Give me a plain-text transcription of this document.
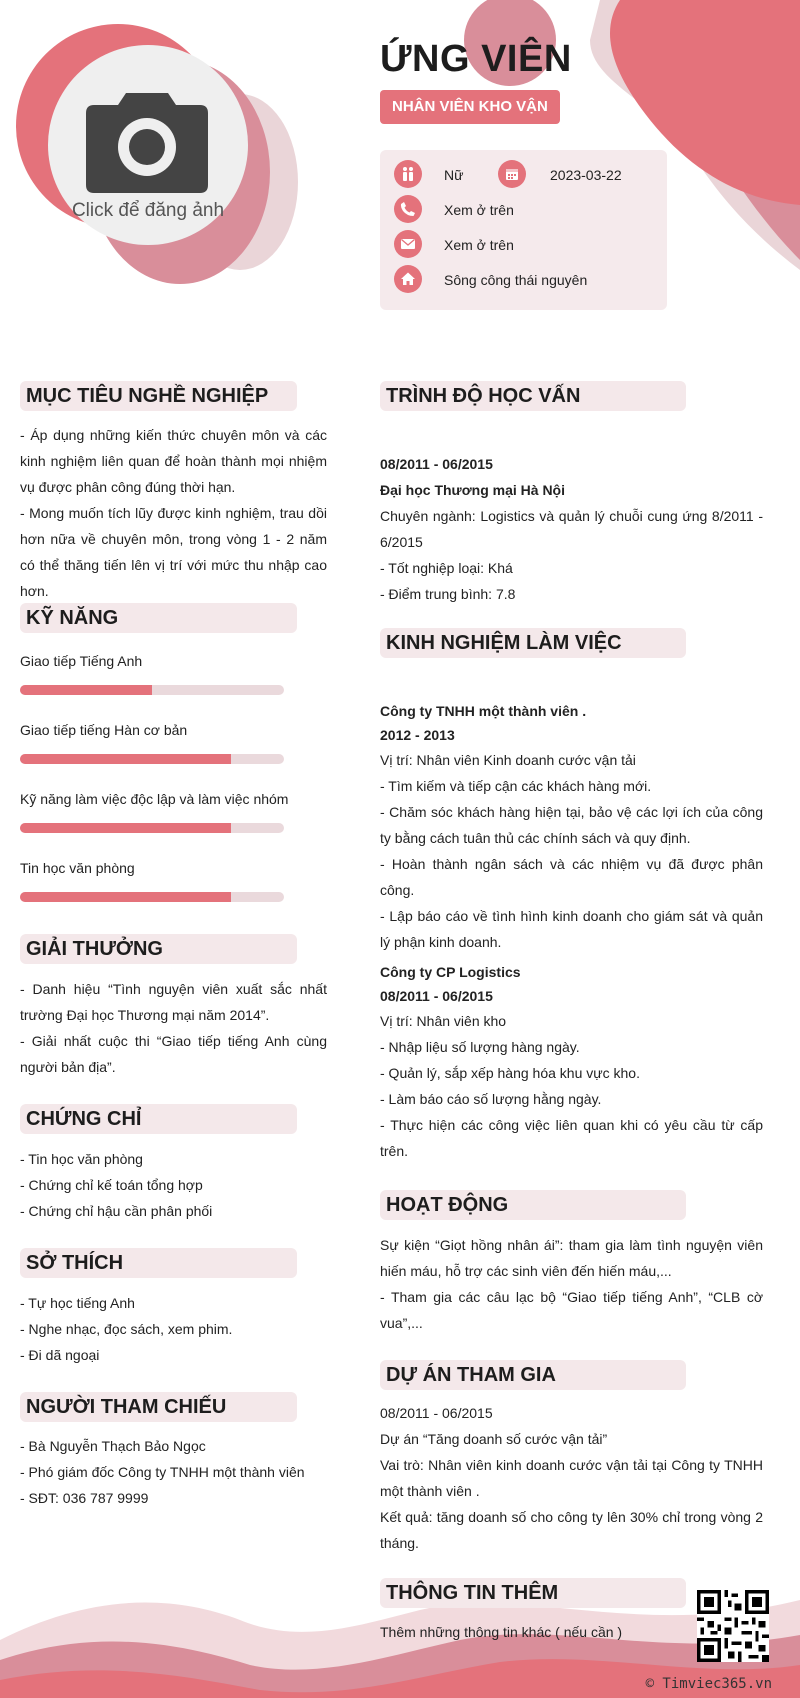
Click để đăng ảnh
ỨNG VIÊN
NHÂN VIÊN KHO VẬN
Nữ	2023-03-22
Xem ở trên
Xem ở trên
Sông công thái nguyên
MỤC TIÊU NGHỀ NGHIỆP
- Áp dụng những kiến thức chuyên môn và các kinh nghiệm liên quan để hoàn thành mọi nhiệm vụ được phân công đúng thời hạn.
- Mong muốn tích lũy được kinh nghiệm, trau dồi hơn nữa về chuyên môn, trong vòng 1 - 2 năm có thể thăng tiến lên vị trí với mức thu nhập cao hơn.
KỸ NĂNG
Giao tiếp Tiếng Anh
Giao tiếp tiếng Hàn cơ bản
Kỹ năng làm việc độc lập và làm việc nhóm
Tin học văn phòng
GIẢI THƯỞNG
- Danh hiệu “Tình nguyện viên xuất sắc nhất trường Đại học Thương mại năm 2014”.
- Giải nhất cuộc thi “Giao tiếp tiếng Anh cùng người bản địa”.
CHỨNG CHỈ
- Tin học văn phòng
- Chứng chỉ kế toán tổng hợp
- Chứng chỉ hậu cần phân phối
SỞ THÍCH
- Tự học tiếng Anh
- Nghe nhạc, đọc sách, xem phim.
- Đi dã ngoại
NGƯỜI THAM CHIẾU
- Bà Nguyễn Thạch Bảo Ngọc
- Phó giám đốc Công ty TNHH một thành viên
- SĐT: 036 787 9999
TRÌNH ĐỘ HỌC VẤN
08/2011 - 06/2015
Đại học Thương mại Hà Nội
Chuyên ngành: Logistics và quản lý chuỗi cung ứng 8/2011 - 6/2015
- Tốt nghiệp loại: Khá
- Điểm trung bình: 7.8
KINH NGHIỆM LÀM VIỆC
Công ty TNHH một thành viên .
2012 - 2013
Vị trí: Nhân viên Kinh doanh cước vận tải
- Tìm kiếm và tiếp cận các khách hàng mới.
- Chăm sóc khách hàng hiện tại, bảo vệ các lợi ích của công ty bằng cách tuân thủ các chính sách và quy định.
- Hoàn thành ngân sách và các nhiệm vụ đã được phân công.
- Lập báo cáo về tình hình kinh doanh cho giám sát và quản lý phận kinh doanh.
Công ty CP Logistics
08/2011 - 06/2015
Vị trí: Nhân viên kho
- Nhập liệu số lượng hàng ngày.
- Quản lý, sắp xếp hàng hóa khu vực kho.
- Làm báo cáo số lượng hằng ngày.
- Thực hiện các công việc liên quan khi có yêu cầu từ cấp trên.
HOẠT ĐỘNG
Sự kiện “Giọt hồng nhân ái”: tham gia làm tình nguyện viên hiến máu, hỗ trợ các sinh viên đến hiến máu,...
- Tham gia các câu lạc bộ “Giao tiếp tiếng Anh”, “CLB cờ vua”,...
DỰ ÁN THAM GIA
08/2011 - 06/2015
Dự án “Tăng doanh số cước vận tải”
Vai trò: Nhân viên kinh doanh cước vận tải tại Công ty TNHH một thành viên .
Kết quả: tăng doanh số cho công ty lên 30% chỉ trong vòng 2 tháng.
THÔNG TIN THÊM
Thêm những thông tin khác ( nếu cần )
© Timviec365.vn
